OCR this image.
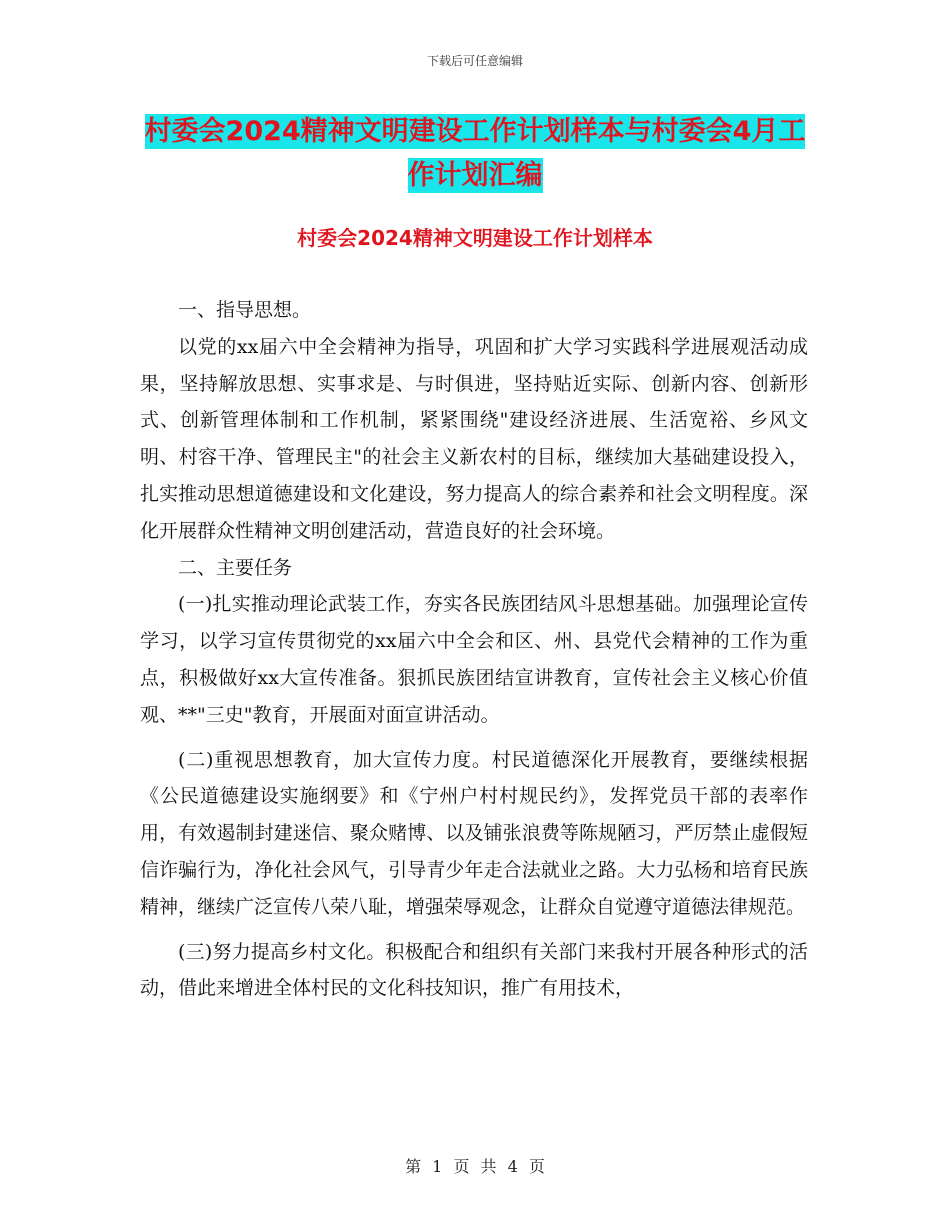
下载后可任意编辑
村委会2024精神文明建设工作计划样本与村委会4月工作计划汇编
村委会2024精神文明建设工作计划样本

一、指导思想。

以党的xx届六中全会精神为指导，巩固和扩大学习实践科学进展观活动成果，坚持解放思想、实事求是、与时俱进，坚持贴近实际、创新内容、创新形式、创新管理体制和工作机制，紧紧围绕"建设经济进展、生活宽裕、乡风文明、村容干净、管理民主"的社会主义新农村的目标，继续加大基础建设投入，扎实推动思想道德建设和文化建设，努力提高人的综合素养和社会文明程度。深化开展群众性精神文明创建活动，营造良好的社会环境。

二、主要任务

(一)扎实推动理论武装工作，夯实各民族团结风斗思想基础。加强理论宣传学习，以学习宣传贯彻党的xx届六中全会和区、州、县党代会精神的工作为重点，积极做好xx大宣传准备。狠抓民族团结宣讲教育，宣传社会主义核心价值观、**"三史"教育，开展面对面宣讲活动。

(二)重视思想教育，加大宣传力度。村民道德深化开展教育，要继续根据《公民道德建设实施纲要》和《宁州户村村规民约》，发挥党员干部的表率作用，有效遏制封建迷信、聚众赌博、以及铺张浪费等陈规陋习，严厉禁止虚假短信诈骗行为，净化社会风气，引导青少年走合法就业之路。大力弘杨和培育民族精神，继续广泛宣传八荣八耻，增强荣辱观念，让群众自觉遵守道德法律规范。

(三)努力提高乡村文化。积极配合和组织有关部门来我村开展各种形式的活动，借此来增进全体村民的文化科技知识，推广有用技术，

第 1 页 共 4 页
